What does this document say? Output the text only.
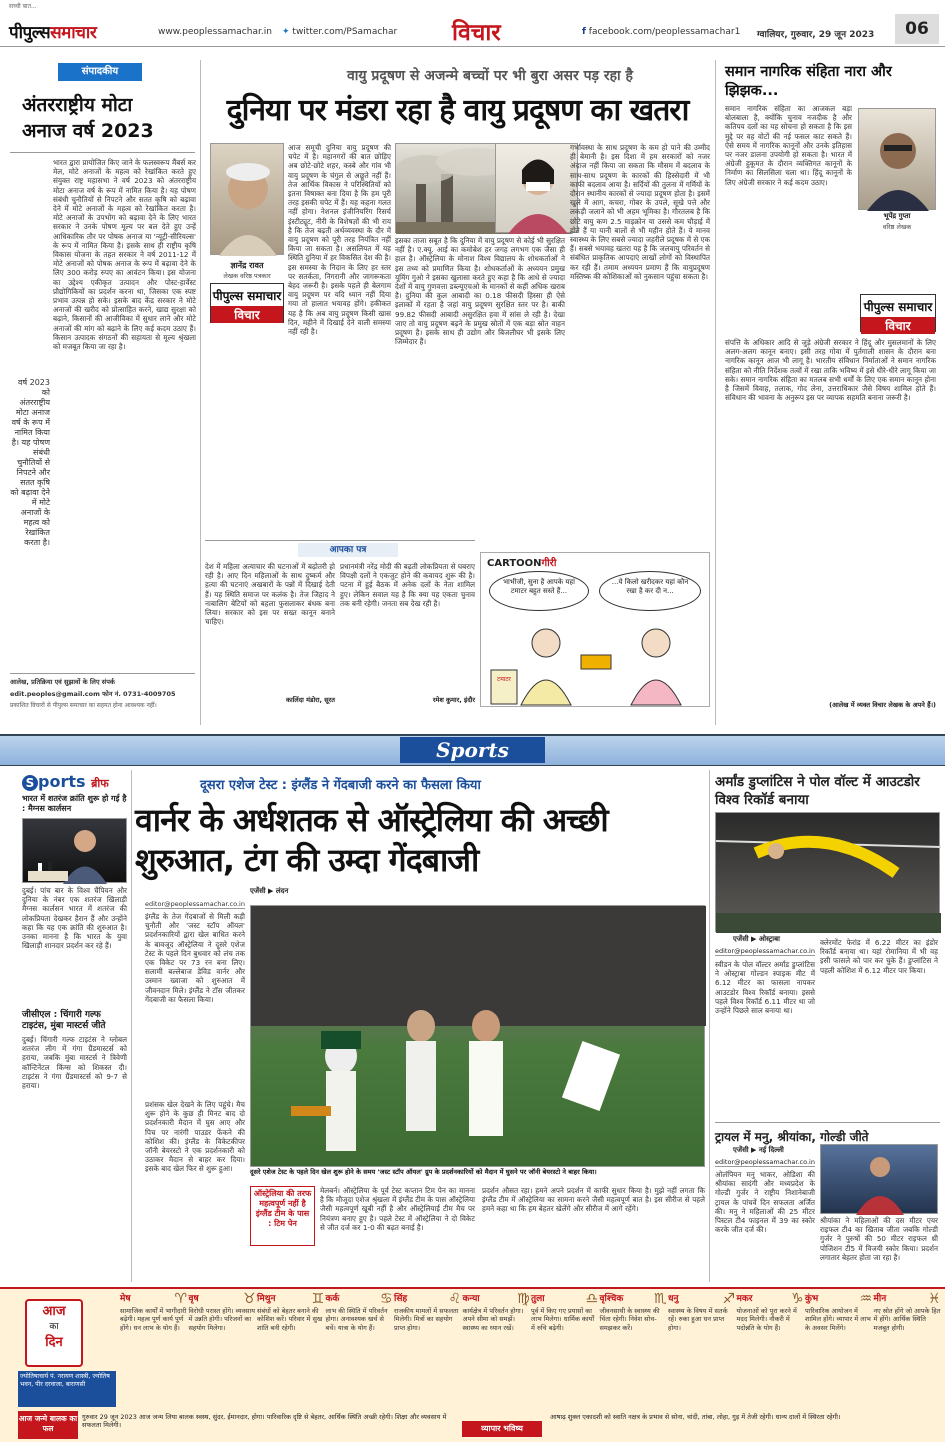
सच्ची बात...
पीपुल्ससमाचार	www.peoplessamachar.in ✦ twitter.com/PSamachar विचार	f facebook.com/peoplessamachar1 ग्वालियर, गुरुवार, 29 जून 2023	06
संपादकीय
अंतरराष्ट्रीय मोटा अनाज वर्ष 2023
भारत द्वारा प्रायोजित किए जाने के फलस्वरूप मैंबर्स कर मेल, मोटे अनाजों के महत्व को रेखांकित करते हुए संयुक्त राष्ट्र महासभा ने वर्ष 2023 को अंतरराष्ट्रीय मोटा अनाज वर्ष के रूप में नामित किया है। यह पोषण संबंधी चुनौतियों से निपटने और सतत कृषि को बढ़ावा देने में मोटे अनाजों के महत्व को रेखांकित करता है। मोटे अनाजों के उपभोग को बढ़ावा देने के लिए भारत सरकार ने उनके पोषण मूल्य पर बल देते हुए उन्हें आधिकारिक तौर पर पोषक अनाज या 'न्यूट्री-सीरियल्स' के रूप में नामित किया है। इसके साथ ही राष्ट्रीय कृषि विकास योजना के तहत सरकार ने वर्ष 2011-12 में मोटे अनाजों को पोषक अनाज के रूप में बढ़ावा देने के लिए 300 करोड़ रुपए का आवंटन किया। इस योजना का उद्देश्य एकीकृत उत्पादन और पोस्ट-हार्वेस्ट प्रौद्योगिकियों का प्रदर्शन करना था, जिसका एक स्पष्ट प्रभाव उत्पन्न हो सके। इसके बाद केंद्र सरकार ने मोटे अनाजों की खरीद को प्रोत्साहित करने, खाद्य सुरक्षा को बढ़ाने, किसानों की आजीविका में सुधार लाने और मोटे अनाजों की मांग को बढ़ाने के लिए कई कदम उठाए हैं। किसान उत्पादक संगठनों की सहायता से मूल्य श्रृंखला को मजबूत किया जा रहा है।
वर्ष 2023 को अंतरराष्ट्रीय मोटा अनाज वर्ष के रूप में नामित किया है। यह पोषण संबंधी चुनौतियों से निपटने और सतत कृषि को बढ़ावा देने में मोटे अनाजों के महत्व को रेखांकित करता है।
आलेख, प्रतिक्रिया एवं सुझावों के लिए संपर्क
edit.peoples@gmail.com फोन नं. 0731-4009705
प्रकाशित विचारों से पीपुल्स समाचार का सहमत होना आवश्यक नहीं।
वायु प्रदूषण से अजन्मे बच्चों पर भी बुरा असर पड़ रहा है
दुनिया पर मंडरा रहा है वायु प्रदूषण का खतरा
ज्ञानेंद्र रावत
लेखक वरिष्ठ पत्रकार
पीपुल्स समाचार
विचार
आज समूची दुनिया वायु प्रदूषण की चपेट में है। महानगरों की बात छोड़िए अब छोटे-छोटे शहर, कस्बे और गांव भी वायु प्रदूषण के चंगुल से अछूते नहीं हैं। तेज आर्थिक विकास ने परिस्थितियों को इतना विषाक्त बना दिया है कि हम पूरी तरह इसकी चपेट में हैं। यह कहना गलत नहीं होगा। नेशनल इंजीनियरिंग रिसर्च इंस्टीट्यूट, नीरी के विशेषज्ञों की भी राय है कि तेज बढ़ती अर्थव्यवस्था के दौर में वायु प्रदूषण को पूरी तरह नियंत्रित नहीं किया जा सकता है। असलियत में यह स्थिति दुनिया में हर विकसित देश की है। इस समस्या के निदान के लिए हर स्तर पर सतर्कता, निगरानी और जागरूकता बेहद जरूरी है। इसके पहले ही बेलगाम वायु प्रदूषण पर यदि ध्यान नहीं दिया गया तो हालात भयावह होंगे। हकीकत यह है कि अब वायु प्रदूषण किसी खास दिन, महीने में दिखाई देने वाली समस्या नहीं रही है।
इसका ताजा सबूत है कि दुनिया में वायु प्रदूषण से कोई भी सुरक्षित नहीं है। ए.क्यू. आई का कमोबेश हर जगह लगभग एक जैसा ही हाल है। ऑस्ट्रेलिया के मोनाश विश्व विद्यालय के शोधकर्ताओं ने इस तथ्य को प्रमाणित किया है। शोधकर्ताओं के अध्ययन प्रमुख यूमिंग गुओ ने इसका खुलासा करते हुए कहा है कि आधे से ज्यादा देशों में वायु गुणवत्ता डब्ल्यूएचओ के मानकों से कहीं अधिक खराब है। दुनिया की कुल आबादी का 0.18 फीसदी हिस्सा ही ऐसे इलाकों में रहता है जहां वायु प्रदूषण सुरक्षित स्तर पर है। बाकी 99.82 फीसदी आबादी असुरक्षित हवा में सांस ले रही है। देखा जाए तो वायु प्रदूषण बढ़ने के प्रमुख स्रोतों में एक बड़ा स्रोत वाहन प्रदूषण है। इसके साथ ही उद्योग और बिजलीघर भी इसके लिए जिम्मेदार हैं।
गर्भावस्था के साथ प्रदूषण के कम हो पाने की उम्मीद ही बेमानी है। इस दिशा में हम सरकारों को नजर अंदाज नहीं किया जा सकता कि मौसम में बदलाव के साथ-साथ प्रदूषण के कारकों की हिस्सेदारी में भी काफी बदलाव आया है। सर्दियों की तुलना में गर्मियों के दौरान स्थानीय कारकों से ज्यादा प्रदूषण होता है। इसमें खुले में आग, कचरा, गोबर के उपले, सूखे पत्ते और लकड़ी जलाने को भी अहम भूमिका है। गौरतलब है कि छोटे वायु कण 2.5 माइक्रोन या उससे कम चौड़ाई में होते हैं या यानी बालों से भी महीन होते हैं। ये मानव स्वास्थ्य के लिए सबसे ज्यादा जहरीले प्रदूषक में से एक हैं। सबसे भयावह खतरा यह है कि जलवायु परिवर्तन से संबंधित प्राकृतिक आपदाएं लाखों लोगों को विस्थापित कर रही हैं। तमाम अध्ययन प्रमाण हैं कि वायुप्रदूषण मस्तिष्क की कोशिकाओं को नुकसान पहुंचा सकता है।
आपका पत्र
देश में महिला अत्याचार की घटनाओं में बढ़ोतरी हो रही है। आए दिन महिलाओं के साथ दुष्कर्म और हत्या की घटनाएं अखबारों के पन्नों में दिखाई देती हैं। यह स्थिति समाज पर कलंक है। तेज जिहाद ने नाबालिग बेटियों को बहला फुसलाकर बंधक बना लिया। सरकार को इस पर सख्त कानून बनाने चाहिए।
कालिंदा मंडोरा, सूरत
प्रधानमंत्री नरेंद्र मोदी की बढ़ती लोकप्रियता से घबराए विपक्षी दलों ने एकजुट होने की कवायद शुरू की है। पटना में हुई बैठक में अनेक दलों के नेता शामिल हुए। लेकिन सवाल यह है कि क्या यह एकता चुनाव तक बनी रहेगी। जनता सब देख रही है।
रमेश कुमार, इंदौर
CARTOONगीरी
भाभीजी, सुना है आपके यहां टमाटर बहुत सस्ते हैं...
...ये किलो खरीदकर यहां कौन रखा है कर दी न...
टमाटर
समान नागरिक संहिता नारा और झिझक...
समान नागरिक संहिता का आजकल बड़ा बोलबाला है, क्योंकि चुनाव नजदीक है और कतिपय दलों का यह सोचना हो सकता है कि इस मुद्दे पर वह वोटों की नई फसल काट सकते हैं। ऐसे समय में नागरिक कानूनों और उनके इतिहास पर नजर डालना उपयोगी हो सकता है। भारत में अंग्रेजी हुकूमत के दौरान व्यक्तिगत कानूनों के निर्माण का सिलसिला चला था। हिंदू कानूनों के लिए अंग्रेजी सरकार ने कई कदम उठाए।
भूपेंद्र गुप्ता
वरिष्ठ लेखक
पीपुल्स समाचार
विचार
संपत्ति के अधिकार आदि से जुड़े अंग्रेजी सरकार ने हिंदू और मुसलमानों के लिए अलग-अलग कानून बनाए। इसी तरह गोवा में पुर्तगाली शासन के दौरान बना नागरिक कानून आज भी लागू है। भारतीय संविधान निर्माताओं ने समान नागरिक संहिता को नीति निर्देशक तत्वों में रखा ताकि भविष्य में इसे धीरे-धीरे लागू किया जा सके। समान नागरिक संहिता का मतलब सभी धर्मों के लिए एक समान कानून होना है जिसमें विवाह, तलाक, गोद लेना, उत्तराधिकार जैसे विषय शामिल होते हैं। संविधान की भावना के अनुरूप इस पर व्यापक सहमति बनाना जरूरी है।
(आलेख में व्यक्त विचार लेखक के अपने हैं।)
Sports
S ports ब्रीफ
भारत में शतरंज क्रांति शुरू हो गई है : मैग्नस कार्लसन
दुबई। पांच बार के विश्व चैंपियन और दुनिया के नंबर एक शतरंज खिलाड़ी मैग्नस कार्लसन भारत में शतरंज की लोकप्रियता देखकर हैरान हैं और उन्होंने कहा कि यह एक क्रांति की शुरुआत है। उनका मानना है कि भारत के युवा खिलाड़ी शानदार प्रदर्शन कर रहे हैं।
जीसीएल : चिंगारी गल्फ टाइटंस, मुंबा मास्टर्स जीते
दुबई। चिंगारी गल्फ टाइटंस ने ग्लोबल शतरंज लीग में गंगा ग्रैंडमास्टर्स को हराया, जबकि मुंबा मास्टर्स ने त्रिवेणी कॉन्टिनेंटल किंग्स को शिकस्त दी। टाइटंस ने गंगा ग्रैंडमास्टर्स को 9-7 से हराया।
दूसरा एशेज टेस्ट : इंग्लैंड ने गेंदबाजी करने का फैसला किया
वार्नर के अर्धशतक से ऑस्ट्रेलिया की अच्छी शुरुआत, टंग की उम्दा गेंदबाजी
एजेंसी ▶ लंदन
editor@peoplessamachar.co.in
इंग्लैंड के तेज गेंदबाजों से मिली कड़ी चुनौती और 'जस्ट स्टॉप ऑयल' प्रदर्शनकारियों द्वारा खेल बाधित करने के बावजूद ऑस्ट्रेलिया ने दूसरे एशेज टेस्ट के पहले दिन बुधवार को लंच तक एक विकेट पर 73 रन बना लिए। सलामी बल्लेबाज डेविड वार्नर और उस्मान ख्वाजा को शुरुआत में जीवनदान मिले। इंग्लैंड ने टॉस जीतकर गेंदबाजी का फैसला किया।
दूसरे एशेज टेस्ट के पहले दिन खेल शुरू होने के समय 'जस्ट स्टॉप ऑयल' ग्रुप के प्रदर्शनकारियों को मैदान में घुसने पर जॉनी बेयरस्टो ने बाहर किया।
प्रशंसक खेल देखने के लिए पहुंचे। मैच शुरू होने के कुछ ही मिनट बाद दो प्रदर्शनकारी मैदान में घुस आए और पिच पर नारंगी पाउडर फेंकने की कोशिश की। इंग्लैंड के विकेटकीपर जॉनी बेयरस्टो ने एक प्रदर्शनकारी को उठाकर मैदान से बाहर कर दिया। इसके बाद खेल फिर से शुरू हुआ।
ऑस्ट्रेलिया की तरफ महत्वपूर्ण नहीं है इंग्लैंड टीम के पास : टिम पेन
मेलबर्न। ऑस्ट्रेलिया के पूर्व टेस्ट कप्तान टिम पेन का मानना है कि मौजूदा एशेज श्रृंखला में इंग्लैंड टीम के पास ऑस्ट्रेलिया जैसी महत्वपूर्ण खूबी नहीं है और ऑस्ट्रेलियाई टीम मैच पर नियंत्रण बनाए हुए है। पहले टेस्ट में ऑस्ट्रेलिया ने दो विकेट से जीत दर्ज कर 1-0 की बढ़त बनाई है।
प्रदर्शन औसत रहा। हमने अपने प्रदर्शन में काफी सुधार किया है। मुझे नहीं लगता कि इंग्लैंड टीम में ऑस्ट्रेलिया का सामना करने जैसी महत्वपूर्ण बात है। इस सीरीज से पहले हमने कहा था कि हम बेहतर खेलेंगे और सीरीज में आगे रहेंगे।
अर्मांड डुप्लांटिस ने पोल वॉल्ट में आउटडोर विश्व रिकॉर्ड बनाया
एजेंसी ▶ ओस्ट्राबा
editor@peoplessamachar.co.in
स्वीडन के पोल वॉल्टर अर्मांड डुप्लांटिस ने ओस्ट्राबा गोल्डन स्पाइक मीट में 6.12 मीटर का फासला नापकर आउटडोर विश्व रिकॉर्ड बनाया। इससे पहले विश्व रिकॉर्ड 6.11 मीटर था जो उन्होंने पिछले साल बनाया था।
क्लेरमोंट फेरांड में 6.22 मीटर का इंडोर रिकॉर्ड बनाया था। यहां रोमानिया में भी वह इसी फासले को पार कर चुके हैं। डुप्लांटिस ने पहली कोशिश में 6.12 मीटर पार किया।
ट्रायल में मनु, श्रीयांका, गोल्डी जीते
एजेंसी ▶ नई दिल्ली
editor@peoplessamachar.co.in
ओलंपियन मनु भाकर, ओडिशा की श्रीयांका सादंगी और मध्यप्रदेश के गोल्डी गुर्जर ने राष्ट्रीय निशानेबाजी ट्रायल के पांचवें दिन सफलता अर्जित की। मनु ने महिलाओं की 25 मीटर पिस्टल टी4 फाइनल में 39 का स्कोर करके जीत दर्ज की।
श्रीयांका ने महिलाओं की दस मीटर एयर राइफल टी4 का खिताब जीता जबकि गोल्डी गुर्जर ने पुरुषों की 50 मीटर राइफल थ्री पोजिशन टी5 में विजयी स्कोर किया। प्रदर्शन लगातार बेहतर होता जा रहा है।
आज
का
दिन
ज्योतिषाचार्य पं. नरायण शास्त्री, ज्योतिष भवन, पीर दरवाजा, बाराणसी
♈
मेष
सामाजिक कार्यों में भागीदारी बढ़ेगी। महत्व पूर्ण कार्य पूर्ण होंगे। धन लाभ के योग हैं।
♉
वृष
विरोधी परास्त होंगे। व्यवसाय में उन्नति होगी। परिजनों का सहयोग मिलेगा।
♊
मिथुन
संबंधों को बेहतर बनाने की कोशिश करें। परिवार में सुख शांति बनी रहेगी।
♋
कर्क
लाभ की स्थिति में परिवर्तन होगा। अनावश्यक खर्च से बचें। यात्रा के योग हैं।
♌
सिंह
राजकीय मामलों में सफलता मिलेगी। मित्रों का सहयोग प्राप्त होगा।
♍
कन्या
कार्यक्षेत्र में परिवर्तन होगा। अपने सीमा को समझें। स्वास्थ्य का ध्यान रखें।
♎
तुला
पूर्व में किए गए प्रयासों का लाभ मिलेगा। धार्मिक कार्यों में रुचि बढ़ेगी।
♏
वृश्चिक
जीवनसाथी के स्वास्थ्य की चिंता रहेगी। निवेश सोच-समझकर करें।
♐
धनु
स्वास्थ्य के विषय में सतर्क रहें। रुका हुआ धन प्राप्त होगा।
♑
मकर
योजनाओं को पूरा करने में मदद मिलेगी। नौकरी में पदोन्नति के योग हैं।
♒
कुंभ
पारिवारिक आयोजन में शामिल होंगे। व्यापार में लाभ के अवसर मिलेंगे।
♓
मीन
नए स्रोत होंगे जो आपके हित में होंगे। आर्थिक स्थिति मजबूत होगी।
आज जन्मे बालक का फल
गुरुवार 29 जून 2023 आज जन्म लिया बालक स्वस्थ, सुंदर, ईमानदार, होगा। पारिवारिक दृष्टि से बेहतर, आर्थिक स्थिति अच्छी रहेगी। शिक्षा और व्यवसाय में सफलता मिलेगी।	व्यापार भविष्य
आषाढ़ शुक्ल एकादशी को स्वाति नक्षत्र के प्रभाव से सोना, चांदी, तांबा, लोहा, गुड़ में तेजी रहेगी। धान्य दालों में स्थिरता रहेगी।
